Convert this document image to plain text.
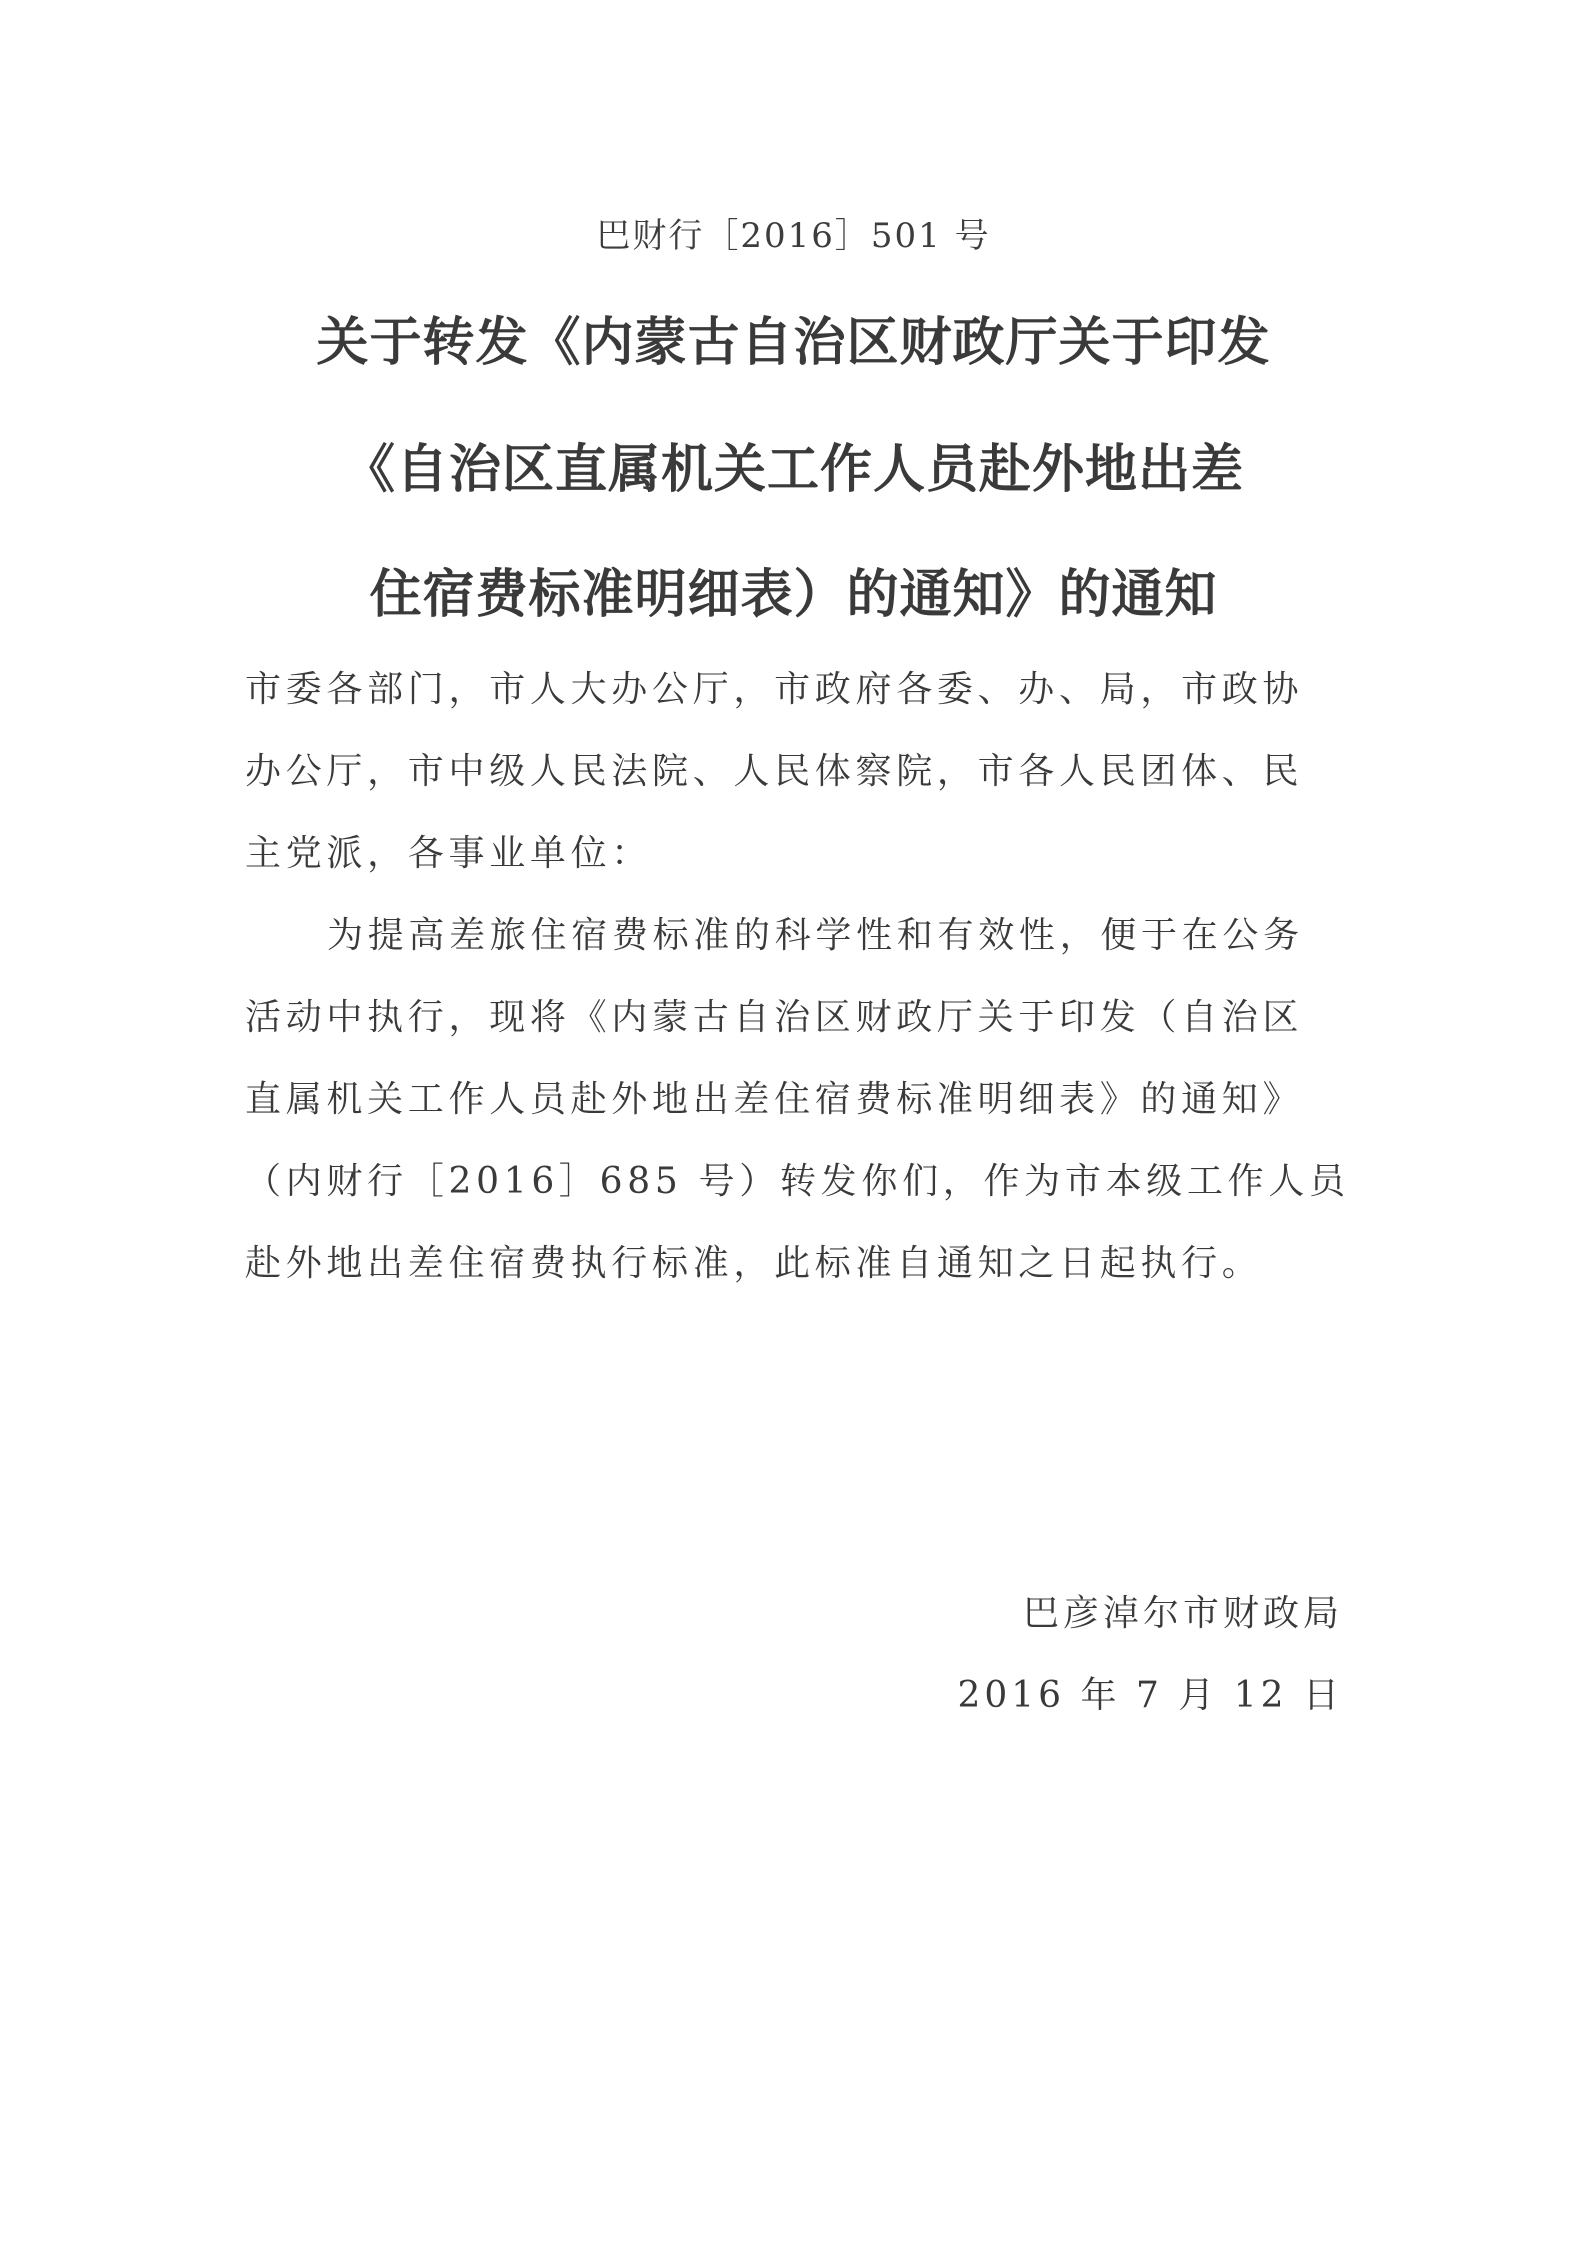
巴财行［2016］501 号
关于转发《内蒙古自治区财政厅关于印发
《自治区直属机关工作人员赴外地出差
住宿费标准明细表）的通知》的通知
市委各部门，市人大办公厅，市政府各委、办、局，市政协
办公厅，市中级人民法院、人民体察院，市各人民团体、民
主党派，各事业单位：
为提高差旅住宿费标准的科学性和有效性，便于在公务
活动中执行，现将《内蒙古自治区财政厅关于印发（自治区
直属机关工作人员赴外地出差住宿费标准明细表》的通知》
（内财行［2016］685 号）转发你们，作为市本级工作人员
赴外地出差住宿费执行标准，此标准自通知之日起执行。
巴彦淖尔市财政局
2016 年 7 月 12 日
